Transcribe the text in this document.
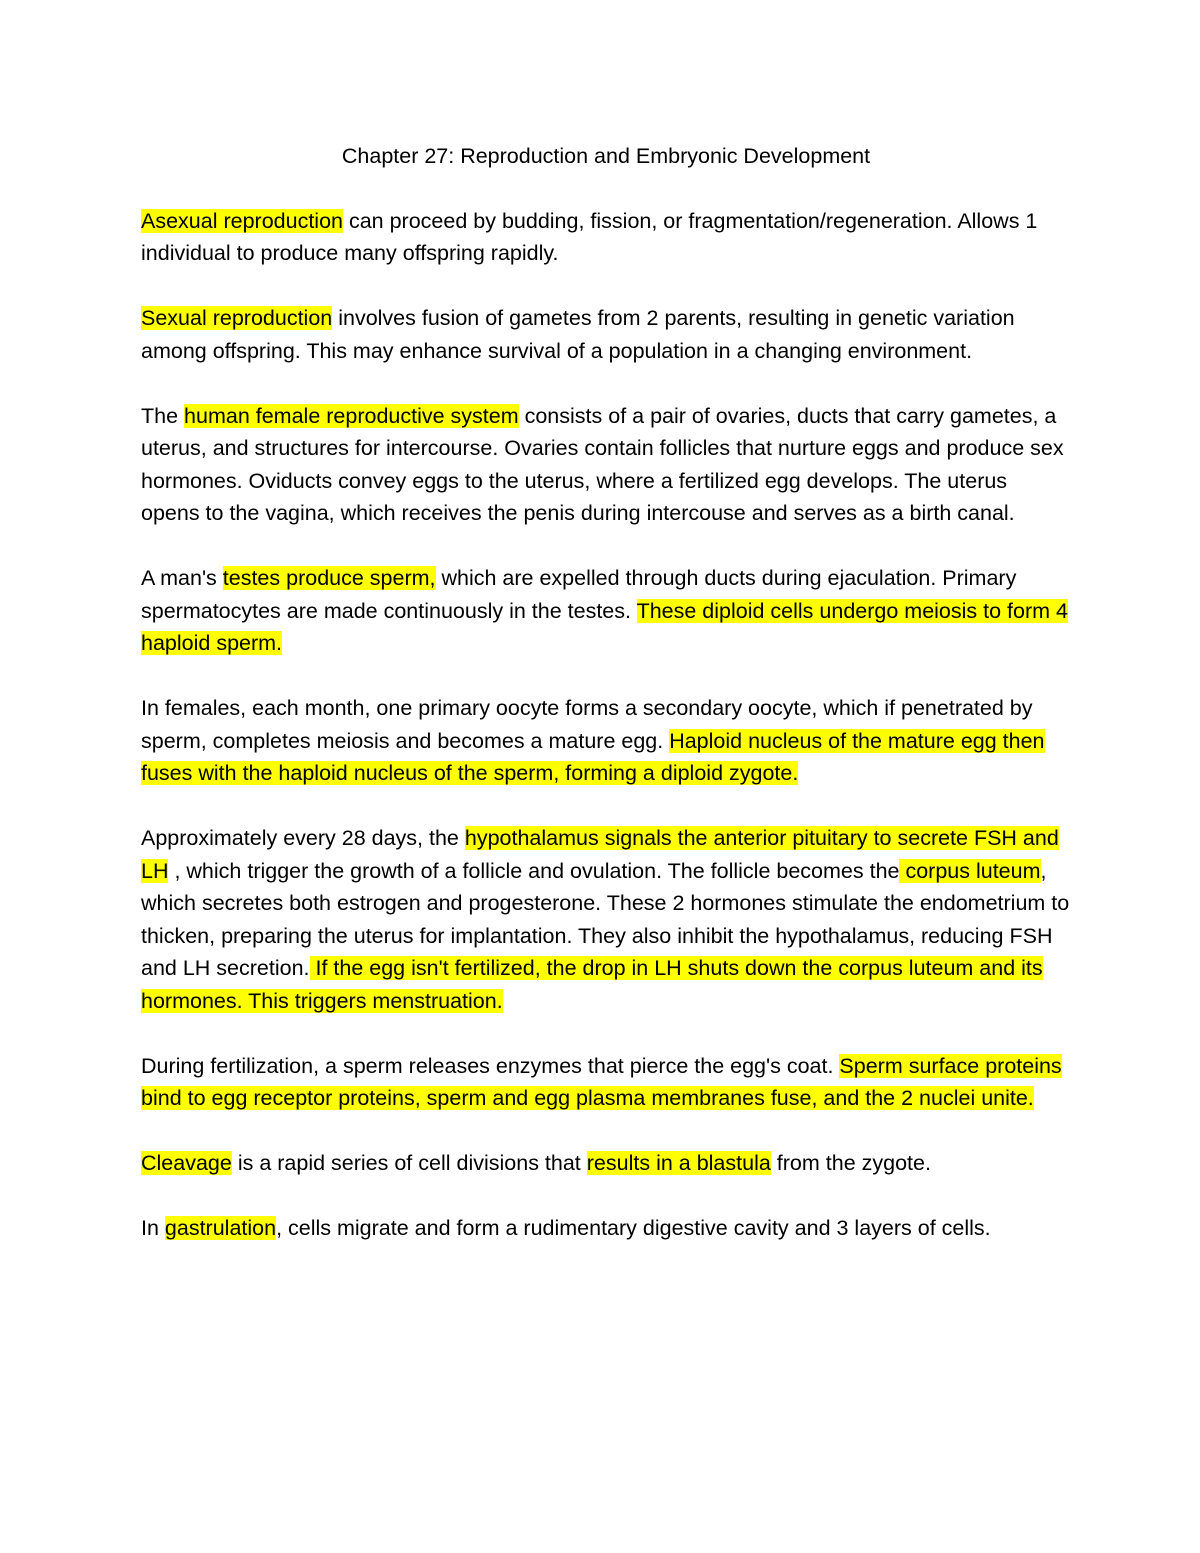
Chapter 27: Reproduction and Embryonic Development
Asexual reproduction can proceed by budding, fission, or fragmentation/regeneration. Allows 1 individual to produce many offspring rapidly.
Sexual reproduction involves fusion of gametes from 2 parents, resulting in genetic variation among offspring. This may enhance survival of a population in a changing environment.
The human female reproductive system consists of a pair of ovaries, ducts that carry gametes, a uterus, and structures for intercourse. Ovaries contain follicles that nurture eggs and produce sex hormones. Oviducts convey eggs to the uterus, where a fertilized egg develops. The uterus opens to the vagina, which receives the penis during intercouse and serves as a birth canal.
A man's testes produce sperm, which are expelled through ducts during ejaculation. Primary spermatocytes are made continuously in the testes. These diploid cells undergo meiosis to form 4 haploid sperm.
In females, each month, one primary oocyte forms a secondary oocyte, which if penetrated by sperm, completes meiosis and becomes a mature egg. Haploid nucleus of the mature egg then fuses with the haploid nucleus of the sperm, forming a diploid zygote.
Approximately every 28 days, the hypothalamus signals the anterior pituitary to secrete FSH and LH , which trigger the growth of a follicle and ovulation. The follicle becomes the corpus luteum, which secretes both estrogen and progesterone. These 2 hormones stimulate the endometrium to thicken, preparing the uterus for implantation. They also inhibit the hypothalamus, reducing FSH and LH secretion. If the egg isn't fertilized, the drop in LH shuts down the corpus luteum and its hormones. This triggers menstruation.
During fertilization, a sperm releases enzymes that pierce the egg's coat. Sperm surface proteins bind to egg receptor proteins, sperm and egg plasma membranes fuse, and the 2 nuclei unite.
Cleavage is a rapid series of cell divisions that results in a blastula from the zygote.
In gastrulation, cells migrate and form a rudimentary digestive cavity and 3 layers of cells.
